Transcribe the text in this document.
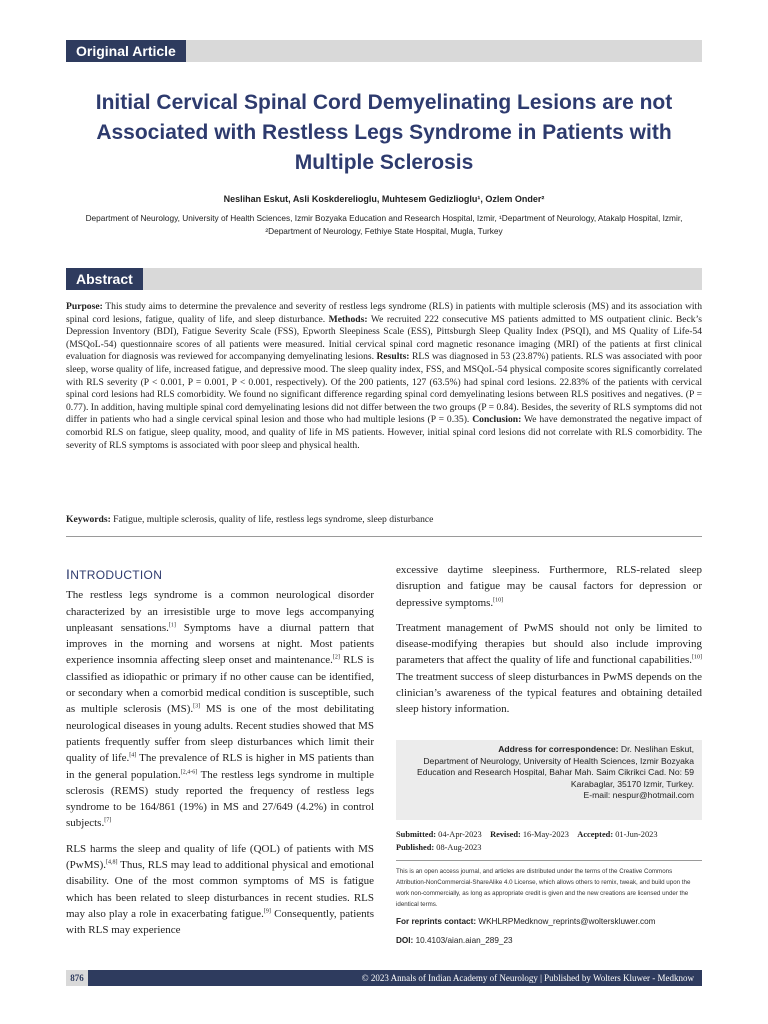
Original Article
Initial Cervical Spinal Cord Demyelinating Lesions are not Associated with Restless Legs Syndrome in Patients with Multiple Sclerosis
Neslihan Eskut, Asli Koskderelioglu, Muhtesem Gedizlioglu¹, Ozlem Onder²
Department of Neurology, University of Health Sciences, Izmir Bozyaka Education and Research Hospital, Izmir, ¹Department of Neurology, Atakalp Hospital, Izmir, ²Department of Neurology, Fethiye State Hospital, Mugla, Turkey
Abstract
Purpose: This study aims to determine the prevalence and severity of restless legs syndrome (RLS) in patients with multiple sclerosis (MS) and its association with spinal cord lesions, fatigue, quality of life, and sleep disturbance. Methods: We recruited 222 consecutive MS patients admitted to MS outpatient clinic. Beck’s Depression Inventory (BDI), Fatigue Severity Scale (FSS), Epworth Sleepiness Scale (ESS), Pittsburgh Sleep Quality Index (PSQI), and MS Quality of Life-54 (MSQoL-54) questionnaire scores of all patients were measured. Initial cervical spinal cord magnetic resonance imaging (MRI) of the patients at first clinical evaluation for diagnosis was reviewed for accompanying demyelinating lesions. Results: RLS was diagnosed in 53 (23.87%) patients. RLS was associated with poor sleep, worse quality of life, increased fatigue, and depressive mood. The sleep quality index, FSS, and MSQoL-54 physical composite scores significantly correlated with RLS severity (P < 0.001, P = 0.001, P < 0.001, respectively). Of the 200 patients, 127 (63.5%) had spinal cord lesions. 22.83% of the patients with cervical spinal cord lesions had RLS comorbidity. We found no significant difference regarding spinal cord demyelinating lesions between RLS positives and negatives. (P = 0.77). In addition, having multiple spinal cord demyelinating lesions did not differ between the two groups (P = 0.84). Besides, the severity of RLS symptoms did not differ in patients who had a single cervical spinal lesion and those who had multiple lesions (P = 0.35). Conclusion: We have demonstrated the negative impact of comorbid RLS on fatigue, sleep quality, mood, and quality of life in MS patients. However, initial spinal cord lesions did not correlate with RLS comorbidity. The severity of RLS symptoms is associated with poor sleep and physical health.
Keywords: Fatigue, multiple sclerosis, quality of life, restless legs syndrome, sleep disturbance
INTRODUCTION

The restless legs syndrome is a common neurological disorder characterized by an irresistible urge to move legs accompanying unpleasant sensations.[1] Symptoms have a diurnal pattern that improves in the morning and worsens at night. Most patients experience insomnia affecting sleep onset and maintenance.[2] RLS is classified as idiopathic or primary if no other cause can be identified, or secondary when a comorbid medical condition is susceptible, such as multiple sclerosis (MS).[3] MS is one of the most debilitating neurological diseases in young adults. Recent studies showed that MS patients frequently suffer from sleep disturbances which limit their quality of life.[4] The prevalence of RLS is higher in MS patients than in the general population.[2,4-6] The restless legs syndrome in multiple sclerosis (REMS) study reported the frequency of restless legs syndrome to be 164/861 (19%) in MS and 27/649 (4.2%) in control subjects.[7]

RLS harms the sleep and quality of life (QOL) of patients with MS (PwMS).[4,8] Thus, RLS may lead to additional physical and emotional disability. One of the most common symptoms of MS is fatigue which has been related to sleep disturbances in recent studies. RLS may also play a role in exacerbating fatigue.[9] Consequently, patients with RLS may experience

excessive daytime sleepiness. Furthermore, RLS-related sleep disruption and fatigue may be causal factors for depression or depressive symptoms.[10]

Treatment management of PwMS should not only be limited to disease-modifying therapies but should also include improving parameters that affect the quality of life and functional capabilities.[10] The treatment success of sleep disturbances in PwMS depends on the clinician’s awareness of the typical features and obtaining detailed sleep history information.

Address for correspondence: Dr. Neslihan Eskut,
Department of Neurology, University of Health Sciences, Izmir Bozyaka
Education and Research Hospital, Bahar Mah. Saim Cikrikci Cad. No: 59
Karabaglar, 35170 Izmir, Turkey.
E-mail: nespur@hotmail.com
Submitted: 04-Apr-2023 Revised: 16-May-2023 Accepted: 01-Jun-2023
Published: 08-Aug-2023
This is an open access journal, and articles are distributed under the terms of the Creative Commons Attribution-NonCommercial-ShareAlike 4.0 License, which allows others to remix, tweak, and build upon the work non-commercially, as long as appropriate credit is given and the new creations are licensed under the identical terms.
For reprints contact: WKHLRPMedknow_reprints@wolterskluwer.com
DOI: 10.4103/aian.aian_289_23
876	© 2023 Annals of Indian Academy of Neurology | Published by Wolters Kluwer - Medknow
